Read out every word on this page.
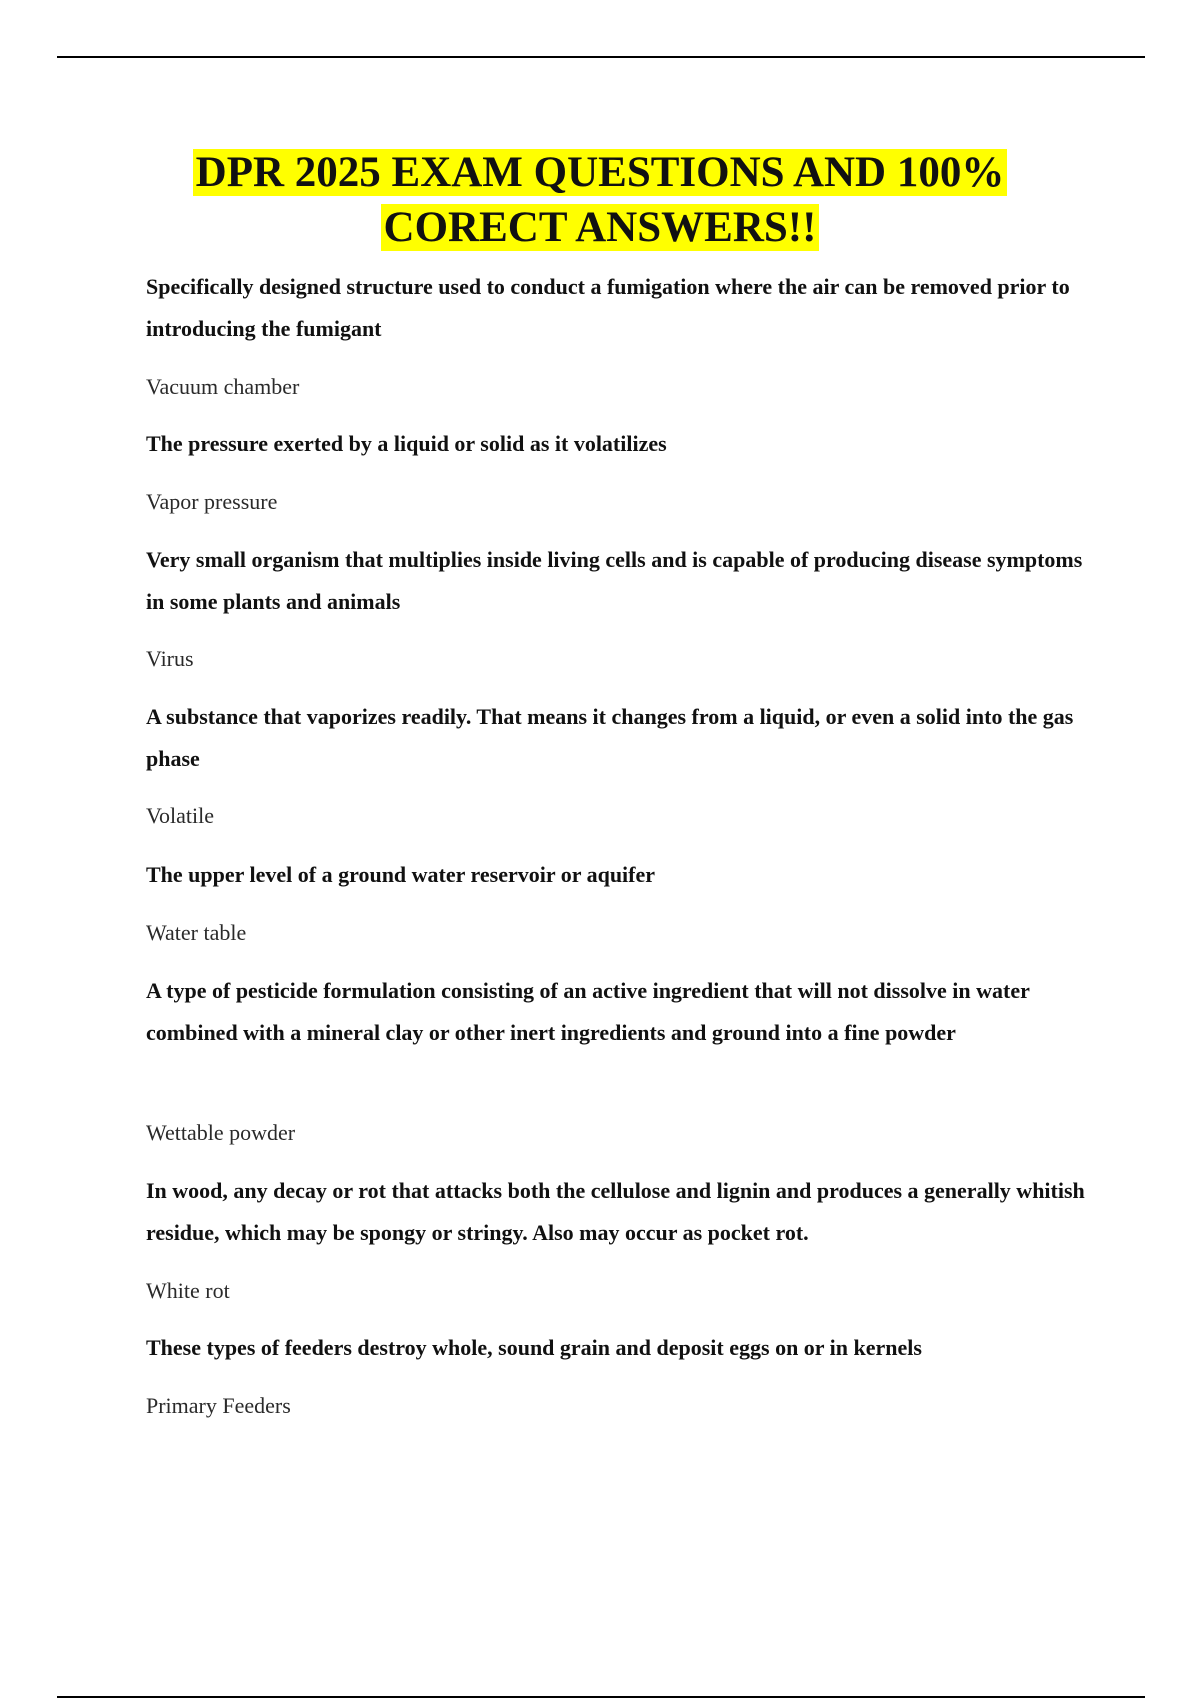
DPR 2025 EXAM QUESTIONS AND 100%
CORECT ANSWERS!!

Specifically designed structure used to conduct a fumigation where the air can be removed prior to introducing the fumigant

Vacuum chamber

The pressure exerted by a liquid or solid as it volatilizes

Vapor pressure

Very small organism that multiplies inside living cells and is capable of producing disease symptoms in some plants and animals

Virus

A substance that vaporizes readily. That means it changes from a liquid, or even a solid into the gas phase

Volatile

The upper level of a ground water reservoir or aquifer

Water table

A type of pesticide formulation consisting of an active ingredient that will not dissolve in water combined with a mineral clay or other inert ingredients and ground into a fine powder

Wettable powder

In wood, any decay or rot that attacks both the cellulose and lignin and produces a generally whitish residue, which may be spongy or stringy. Also may occur as pocket rot.

White rot

These types of feeders destroy whole, sound grain and deposit eggs on or in kernels

Primary Feeders
